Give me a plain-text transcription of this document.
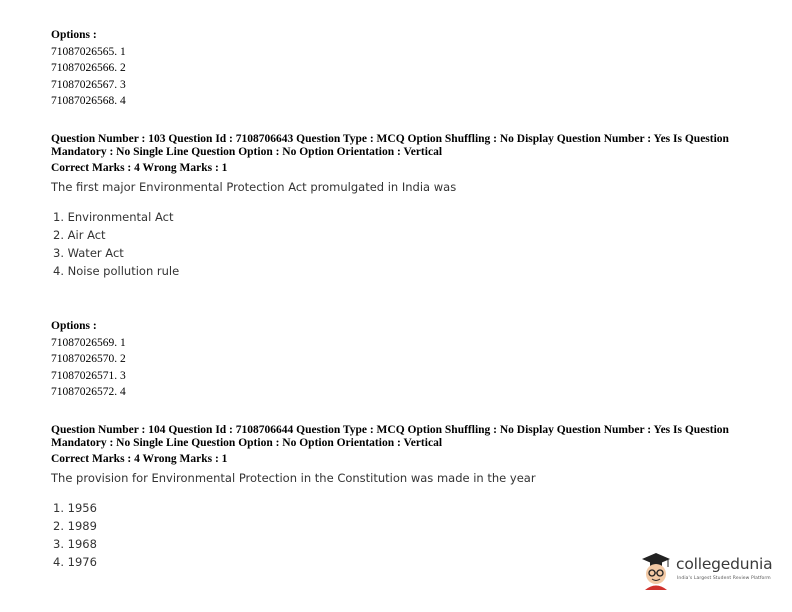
Options :
71087026565. 1
71087026566. 2
71087026567. 3
71087026568. 4
Question Number : 103 Question Id : 7108706643 Question Type : MCQ Option Shuffling : No Display Question Number : Yes Is Question Mandatory : No Single Line Question Option : No Option Orientation : Vertical
Correct Marks : 4 Wrong Marks : 1
The first major Environmental Protection Act promulgated in India was
1. Environmental Act
2. Air Act
3. Water Act
4. Noise pollution rule
Options :
71087026569. 1
71087026570. 2
71087026571. 3
71087026572. 4
Question Number : 104 Question Id : 7108706644 Question Type : MCQ Option Shuffling : No Display Question Number : Yes Is Question Mandatory : No Single Line Question Option : No Option Orientation : Vertical
Correct Marks : 4 Wrong Marks : 1
The provision for Environmental Protection in the Constitution was made in the year
1. 1956
2. 1989
3. 1968
4. 1976	collegedunia
India's Largest Student Review Platform
